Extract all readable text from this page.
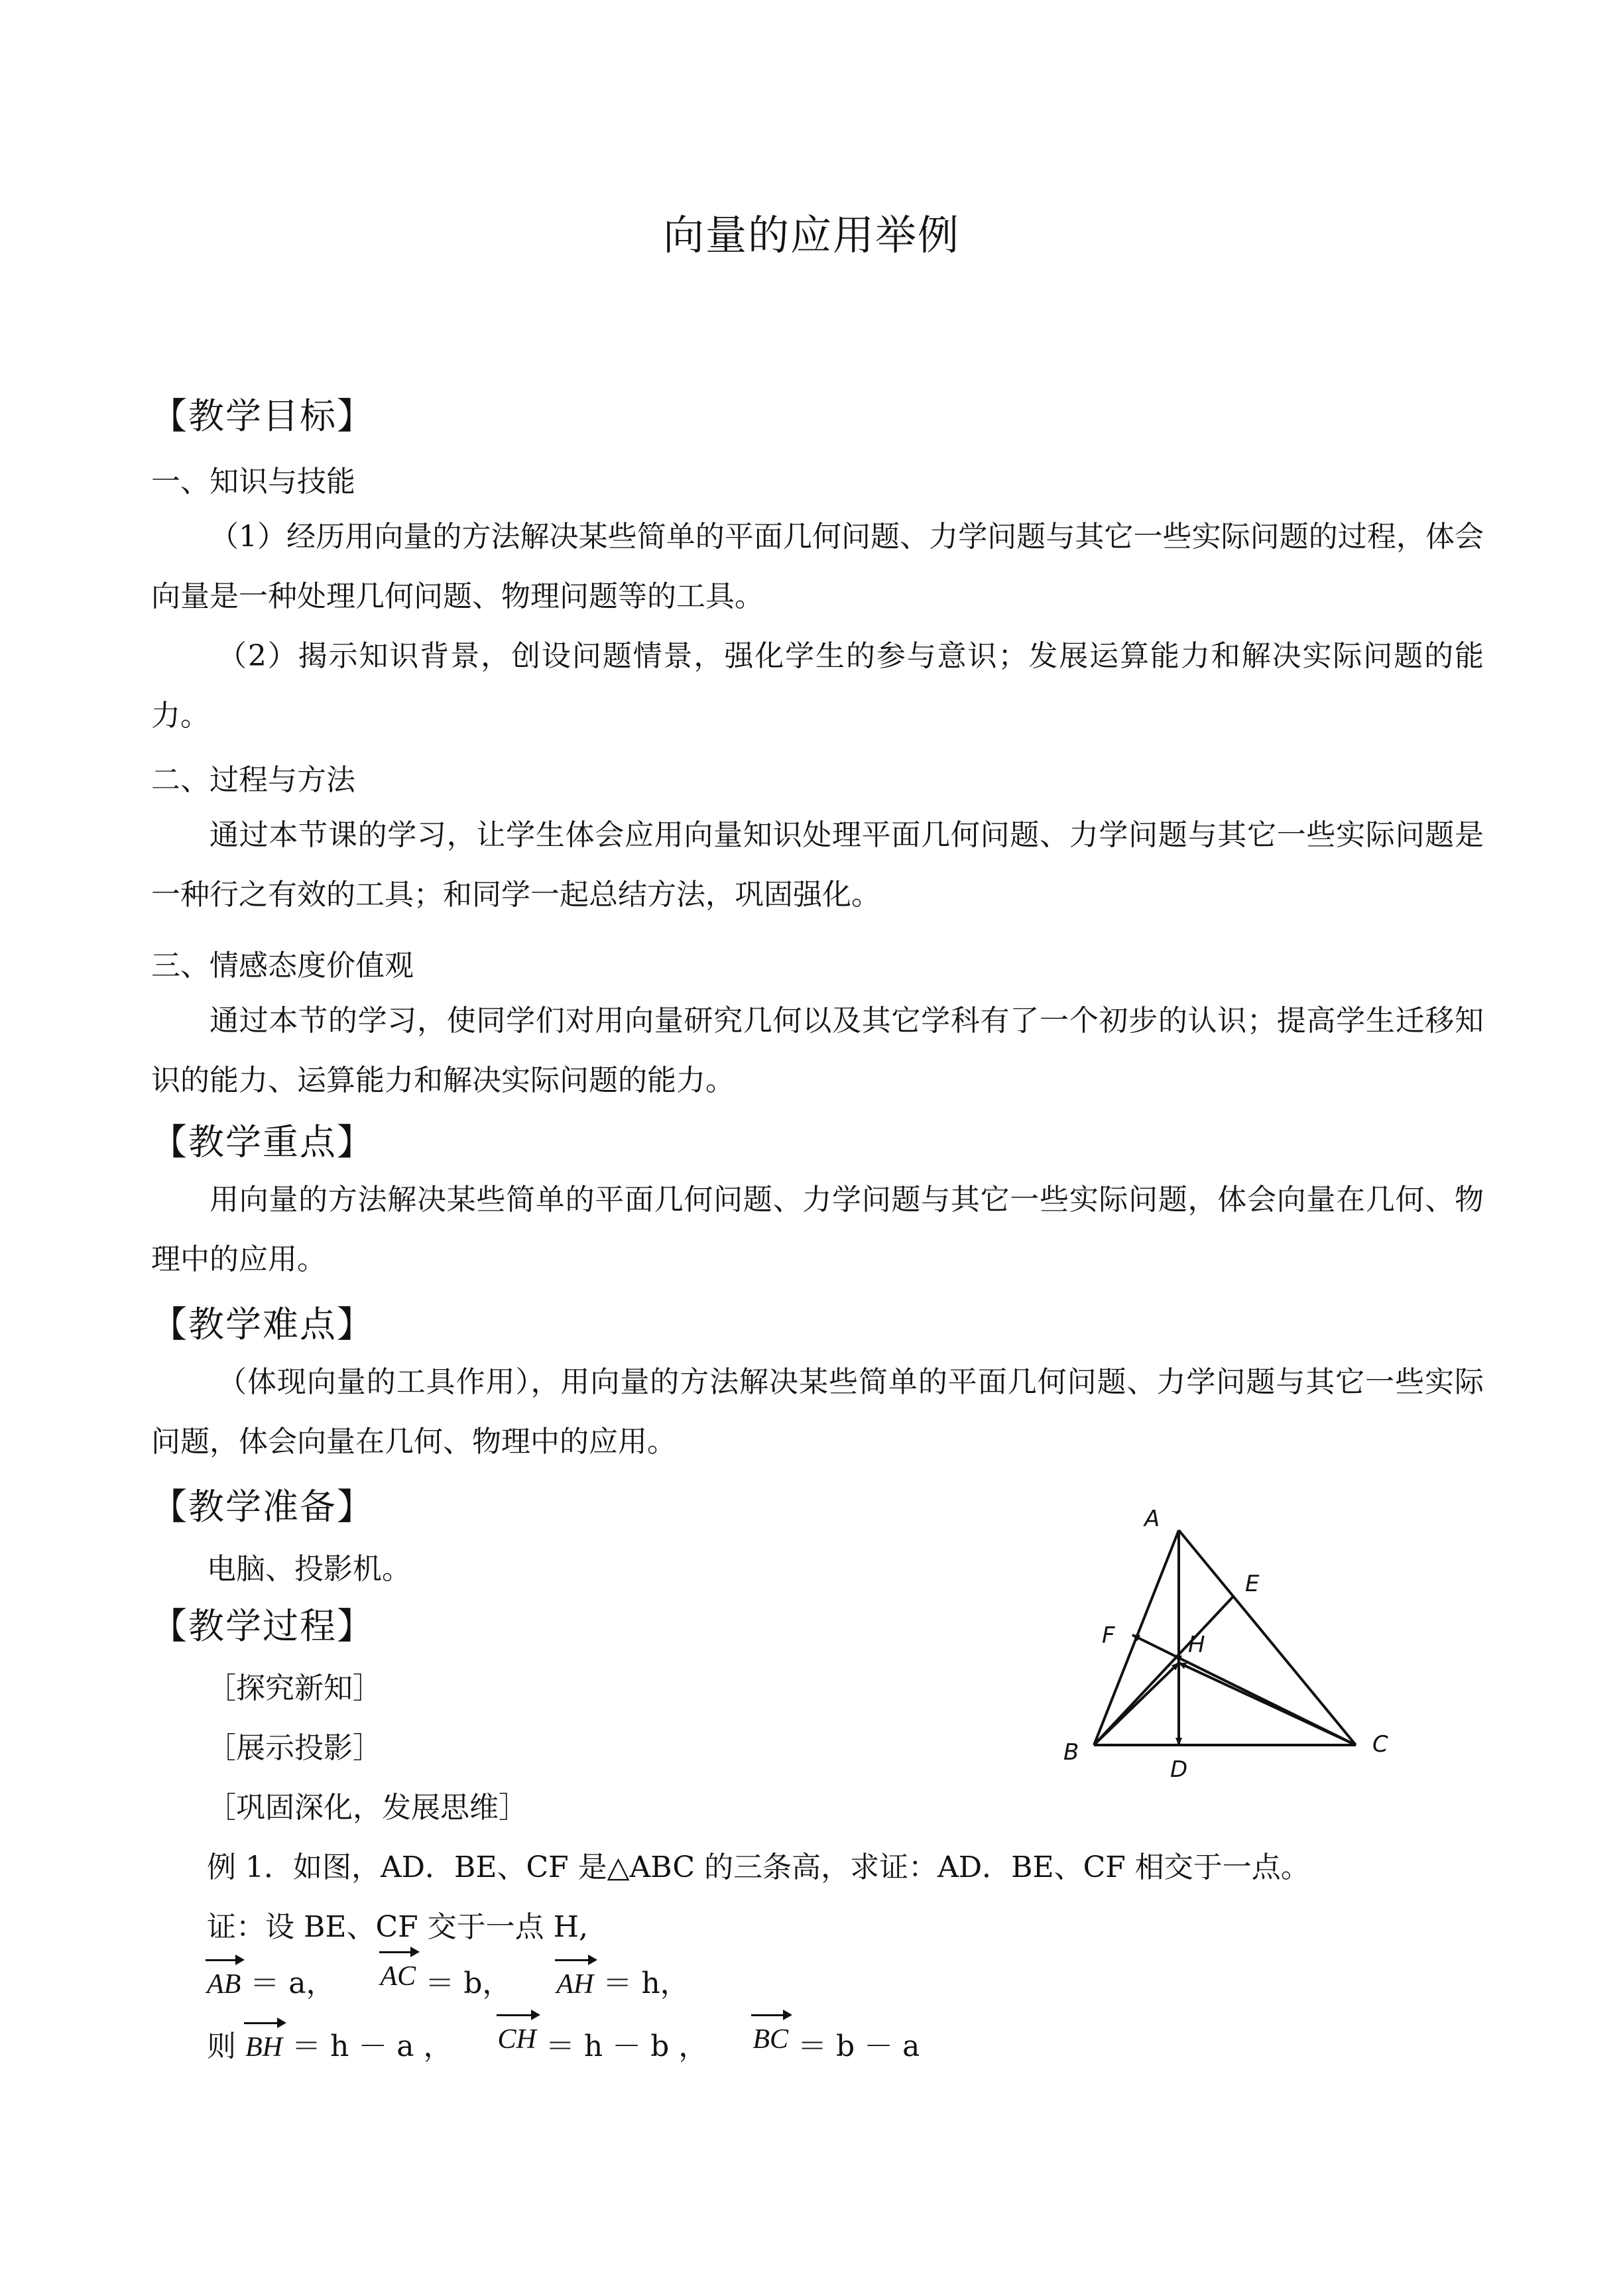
向量的应用举例
【教学目标】
一、知识与技能
（1）经历用向量的方法解决某些简单的平面几何问题、力学问题与其它一些实际问题的过程，体会向量是一种处理几何问题、物理问题等的工具。
（2）揭示知识背景，创设问题情景，强化学生的参与意识；发展运算能力和解决实际问题的能力。
二、过程与方法
通过本节课的学习，让学生体会应用向量知识处理平面几何问题、力学问题与其它一些实际问题是一种行之有效的工具；和同学一起总结方法，巩固强化。
三、情感态度价值观
通过本节的学习，使同学们对用向量研究几何以及其它学科有了一个初步的认识；提高学生迁移知识的能力、运算能力和解决实际问题的能力。
【教学重点】
用向量的方法解决某些简单的平面几何问题、力学问题与其它一些实际问题，体会向量在几何、物理中的应用。
【教学难点】
（体现向量的工具作用），用向量的方法解决某些简单的平面几何问题、力学问题与其它一些实际问题，体会向量在几何、物理中的应用。
【教学准备】
电脑、投影机。
【教学过程】
［探究新知］
［展示投影］
［巩固深化，发展思维］
例 1．如图，AD．BE、CF 是△ABC 的三条高，求证：AD．BE、CF 相交于一点。
证：设 BE、CF 交于一点 H,
AB ＝ a， AC ＝ b， AH ＝ h，
则 BH ＝ h － a ， CH ＝ h － b ， BC ＝ b － a
A
E
F	H
B	C
D
